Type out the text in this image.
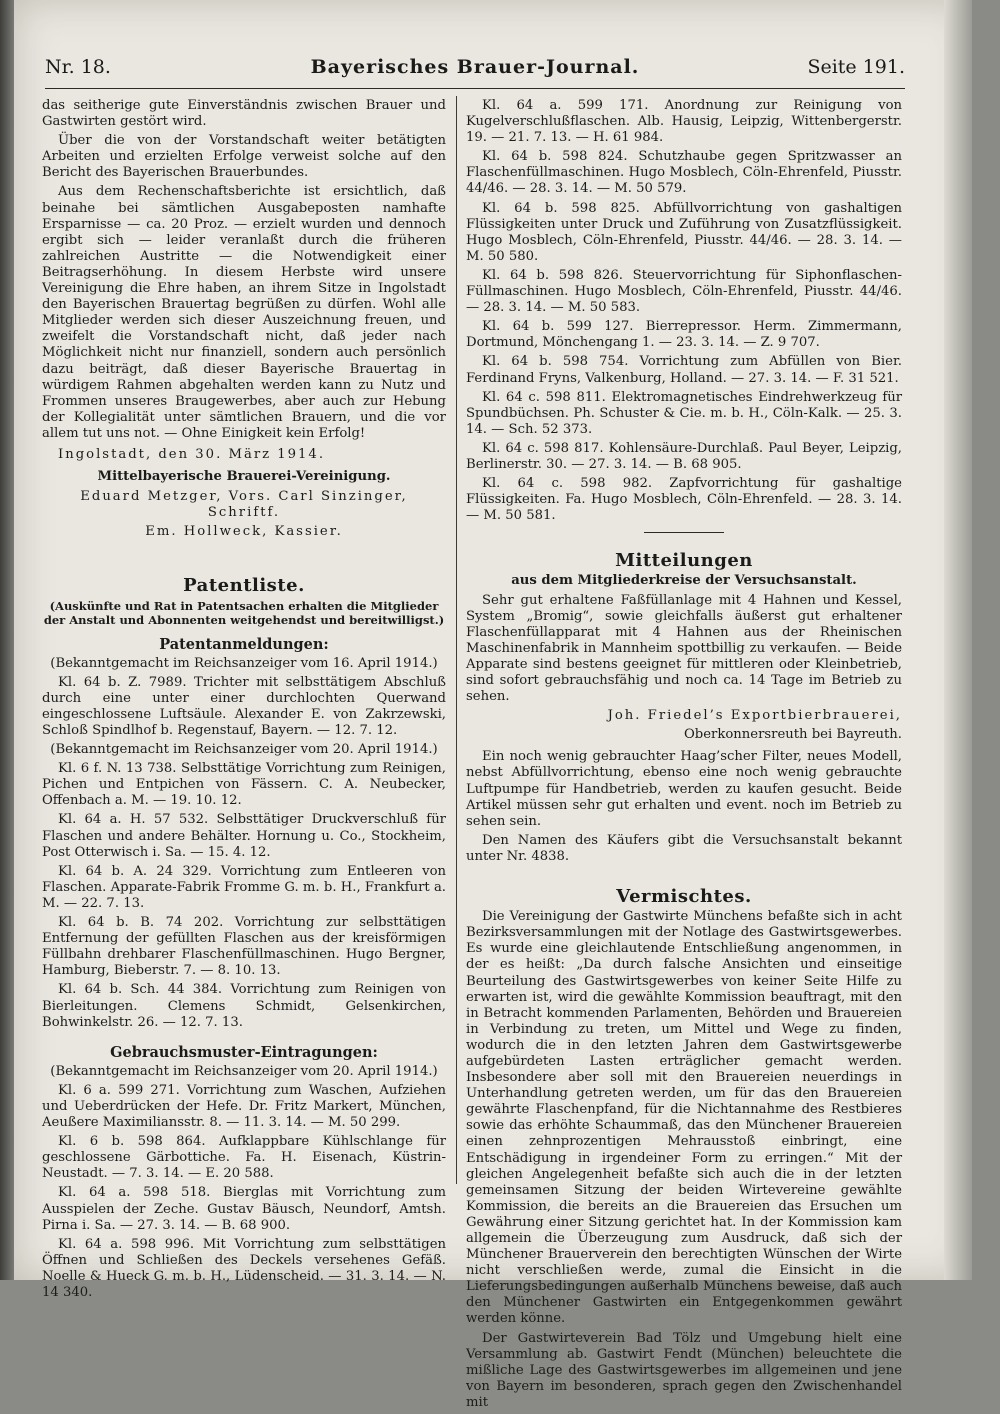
Nr. 18.	Bayerisches Brauer-Journal.	Seite 191.

das seitherige gute Einverständnis zwischen Brauer und Gastwirten gestört wird.

Über die von der Vorstandschaft weiter betätigten Arbeiten und erzielten Erfolge verweist solche auf den Bericht des Bayerischen Brauerbundes.

Aus dem Rechenschaftsberichte ist ersichtlich, daß beinahe bei sämtlichen Ausgabeposten namhafte Ersparnisse — ca. 20 Proz. — erzielt wurden und dennoch ergibt sich — leider veranlaßt durch die früheren zahlreichen Austritte — die Notwendigkeit einer Beitragserhöhung. In diesem Herbste wird unsere Vereinigung die Ehre haben, an ihrem Sitze in Ingolstadt den Bayerischen Brauertag begrüßen zu dürfen. Wohl alle Mitglieder werden sich dieser Auszeichnung freuen, und zweifelt die Vorstandschaft nicht, daß jeder nach Möglichkeit nicht nur finanziell, sondern auch persönlich dazu beiträgt, daß dieser Bayerische Brauertag in würdigem Rahmen abgehalten werden kann zu Nutz und Frommen unseres Braugewerbes, aber auch zur Hebung der Kollegialität unter sämtlichen Brauern, und die vor allem tut uns not. — Ohne Einigkeit kein Erfolg!

Ingolstadt, den 30. März 1914.

Mittelbayerische Brauerei-Vereinigung.

Eduard Metzger, Vors. Carl Sinzinger, Schriftf.

Em. Hollweck, Kassier.

Patentliste.

(Auskünfte und Rat in Patentsachen erhalten die Mitglieder der Anstalt und Abonnenten weitgehendst und bereitwilligst.)

Patentanmeldungen:

(Bekanntgemacht im Reichsanzeiger vom 16. April 1914.)

Kl. 64 b. Z. 7989. Trichter mit selbsttätigem Abschluß durch eine unter einer durchlochten Querwand eingeschlossene Luftsäule. Alexander E. von Zakrzewski, Schloß Spindlhof b. Regenstauf, Bayern. — 12. 7. 12.

(Bekanntgemacht im Reichsanzeiger vom 20. April 1914.)

Kl. 6 f. N. 13 738. Selbsttätige Vorrichtung zum Reinigen, Pichen und Entpichen von Fässern. C. A. Neubecker, Offenbach a. M. — 19. 10. 12.

Kl. 64 a. H. 57 532. Selbsttätiger Druckverschluß für Flaschen und andere Behälter. Hornung u. Co., Stockheim, Post Otterwisch i. Sa. — 15. 4. 12.

Kl. 64 b. A. 24 329. Vorrichtung zum Entleeren von Flaschen. Apparate-Fabrik Fromme G. m. b. H., Frankfurt a. M. — 22. 7. 13.

Kl. 64 b. B. 74 202. Vorrichtung zur selbsttätigen Entfernung der gefüllten Flaschen aus der kreisförmigen Füllbahn drehbarer Flaschenfüllmaschinen. Hugo Bergner, Hamburg, Bieberstr. 7. — 8. 10. 13.

Kl. 64 b. Sch. 44 384. Vorrichtung zum Reinigen von Bierleitungen. Clemens Schmidt, Gelsenkirchen, Bohwinkelstr. 26. — 12. 7. 13.

Gebrauchsmuster-Eintragungen:

(Bekanntgemacht im Reichsanzeiger vom 20. April 1914.)

Kl. 6 a. 599 271. Vorrichtung zum Waschen, Aufziehen und Ueberdrücken der Hefe. Dr. Fritz Markert, München, Aeußere Maximiliansstr. 8. — 11. 3. 14. — M. 50 299.

Kl. 6 b. 598 864. Aufklappbare Kühlschlange für geschlossene Gärbottiche. Fa. H. Eisenach, Küstrin-Neustadt. — 7. 3. 14. — E. 20 588.

Kl. 64 a. 598 518. Bierglas mit Vorrichtung zum Ausspielen der Zeche. Gustav Bäusch, Neundorf, Amtsh. Pirna i. Sa. — 27. 3. 14. — B. 68 900.

Kl. 64 a. 598 996. Mit Vorrichtung zum selbsttätigen Öffnen und Schließen des Deckels versehenes Gefäß. Noelle & Hueck G. m. b. H., Lüdenscheid. — 31. 3. 14. — N. 14 340.

Kl. 64 a. 599 171. Anordnung zur Reinigung von Kugelverschlußflaschen. Alb. Hausig, Leipzig, Wittenbergerstr. 19. — 21. 7. 13. — H. 61 984.

Kl. 64 b. 598 824. Schutzhaube gegen Spritzwasser an Flaschenfüllmaschinen. Hugo Mosblech, Cöln-Ehrenfeld, Piusstr. 44/46. — 28. 3. 14. — M. 50 579.

Kl. 64 b. 598 825. Abfüllvorrichtung von gashaltigen Flüssigkeiten unter Druck und Zuführung von Zusatzflüssigkeit. Hugo Mosblech, Cöln-Ehrenfeld, Piusstr. 44/46. — 28. 3. 14. — M. 50 580.

Kl. 64 b. 598 826. Steuervorrichtung für Siphonflaschen-Füllmaschinen. Hugo Mosblech, Cöln-Ehrenfeld, Piusstr. 44/46. — 28. 3. 14. — M. 50 583.

Kl. 64 b. 599 127. Bierrepressor. Herm. Zimmermann, Dortmund, Mönchengang 1. — 23. 3. 14. — Z. 9 707.

Kl. 64 b. 598 754. Vorrichtung zum Abfüllen von Bier. Ferdinand Fryns, Valkenburg, Holland. — 27. 3. 14. — F. 31 521.

Kl. 64 c. 598 811. Elektromagnetisches Eindrehwerkzeug für Spundbüchsen. Ph. Schuster & Cie. m. b. H., Cöln-Kalk. — 25. 3. 14. — Sch. 52 373.

Kl. 64 c. 598 817. Kohlensäure-Durchlaß. Paul Beyer, Leipzig, Berlinerstr. 30. — 27. 3. 14. — B. 68 905.

Kl. 64 c. 598 982. Zapfvorrichtung für gashaltige Flüssigkeiten. Fa. Hugo Mosblech, Cöln-Ehrenfeld. — 28. 3. 14. — M. 50 581.

Mitteilungen

aus dem Mitgliederkreise der Versuchsanstalt.

Sehr gut erhaltene Faßfüllanlage mit 4 Hahnen und Kessel, System „Bromig“, sowie gleichfalls äußerst gut erhaltener Flaschenfüllapparat mit 4 Hahnen aus der Rheinischen Maschinenfabrik in Mannheim spottbillig zu verkaufen. — Beide Apparate sind bestens geeignet für mittleren oder Kleinbetrieb, sind sofort gebrauchsfähig und noch ca. 14 Tage im Betrieb zu sehen.

Joh. Friedel’s Exportbierbrauerei,

Oberkonnersreuth bei Bayreuth.

Ein noch wenig gebrauchter Haag’scher Filter, neues Modell, nebst Abfüllvorrichtung, ebenso eine noch wenig gebrauchte Luftpumpe für Handbetrieb, werden zu kaufen gesucht. Beide Artikel müssen sehr gut erhalten und event. noch im Betrieb zu sehen sein.

Den Namen des Käufers gibt die Versuchsanstalt bekannt unter Nr. 4838.

Vermischtes.

Die Vereinigung der Gastwirte Münchens befaßte sich in acht Bezirksversammlungen mit der Notlage des Gastwirtsgewerbes. Es wurde eine gleichlautende Entschließung angenommen, in der es heißt: „Da durch falsche Ansichten und einseitige Beurteilung des Gastwirtsgewerbes von keiner Seite Hilfe zu erwarten ist, wird die gewählte Kommission beauftragt, mit den in Betracht kommenden Parlamenten, Behörden und Brauereien in Verbindung zu treten, um Mittel und Wege zu finden, wodurch die in den letzten Jahren dem Gastwirtsgewerbe aufgebürdeten Lasten erträglicher gemacht werden. Insbesondere aber soll mit den Brauereien neuerdings in Unterhandlung getreten werden, um für das den Brauereien gewährte Flaschenpfand, für die Nichtannahme des Restbieres sowie das erhöhte Schaummaß, das den Münchener Brauereien einen zehnprozentigen Mehrausstoß einbringt, eine Entschädigung in irgendeiner Form zu erringen.“ Mit der gleichen Angelegenheit befaßte sich auch die in der letzten gemeinsamen Sitzung der beiden Wirtevereine gewählte Kommission, die bereits an die Brauereien das Ersuchen um Gewährung einer Sitzung gerichtet hat. In der Kommission kam allgemein die Überzeugung zum Ausdruck, daß sich der Münchener Brauerverein den berechtigten Wünschen der Wirte nicht verschließen werde, zumal die Einsicht in die Lieferungsbedingungen außerhalb Münchens beweise, daß auch den Münchener Gastwirten ein Entgegenkommen gewährt werden könne.

Der Gastwirteverein Bad Tölz und Umgebung hielt eine Versammlung ab. Gastwirt Fendt (München) beleuchtete die mißliche Lage des Gastwirtsgewerbes im allgemeinen und jene von Bayern im besonderen, sprach gegen den Zwischenhandel mit
